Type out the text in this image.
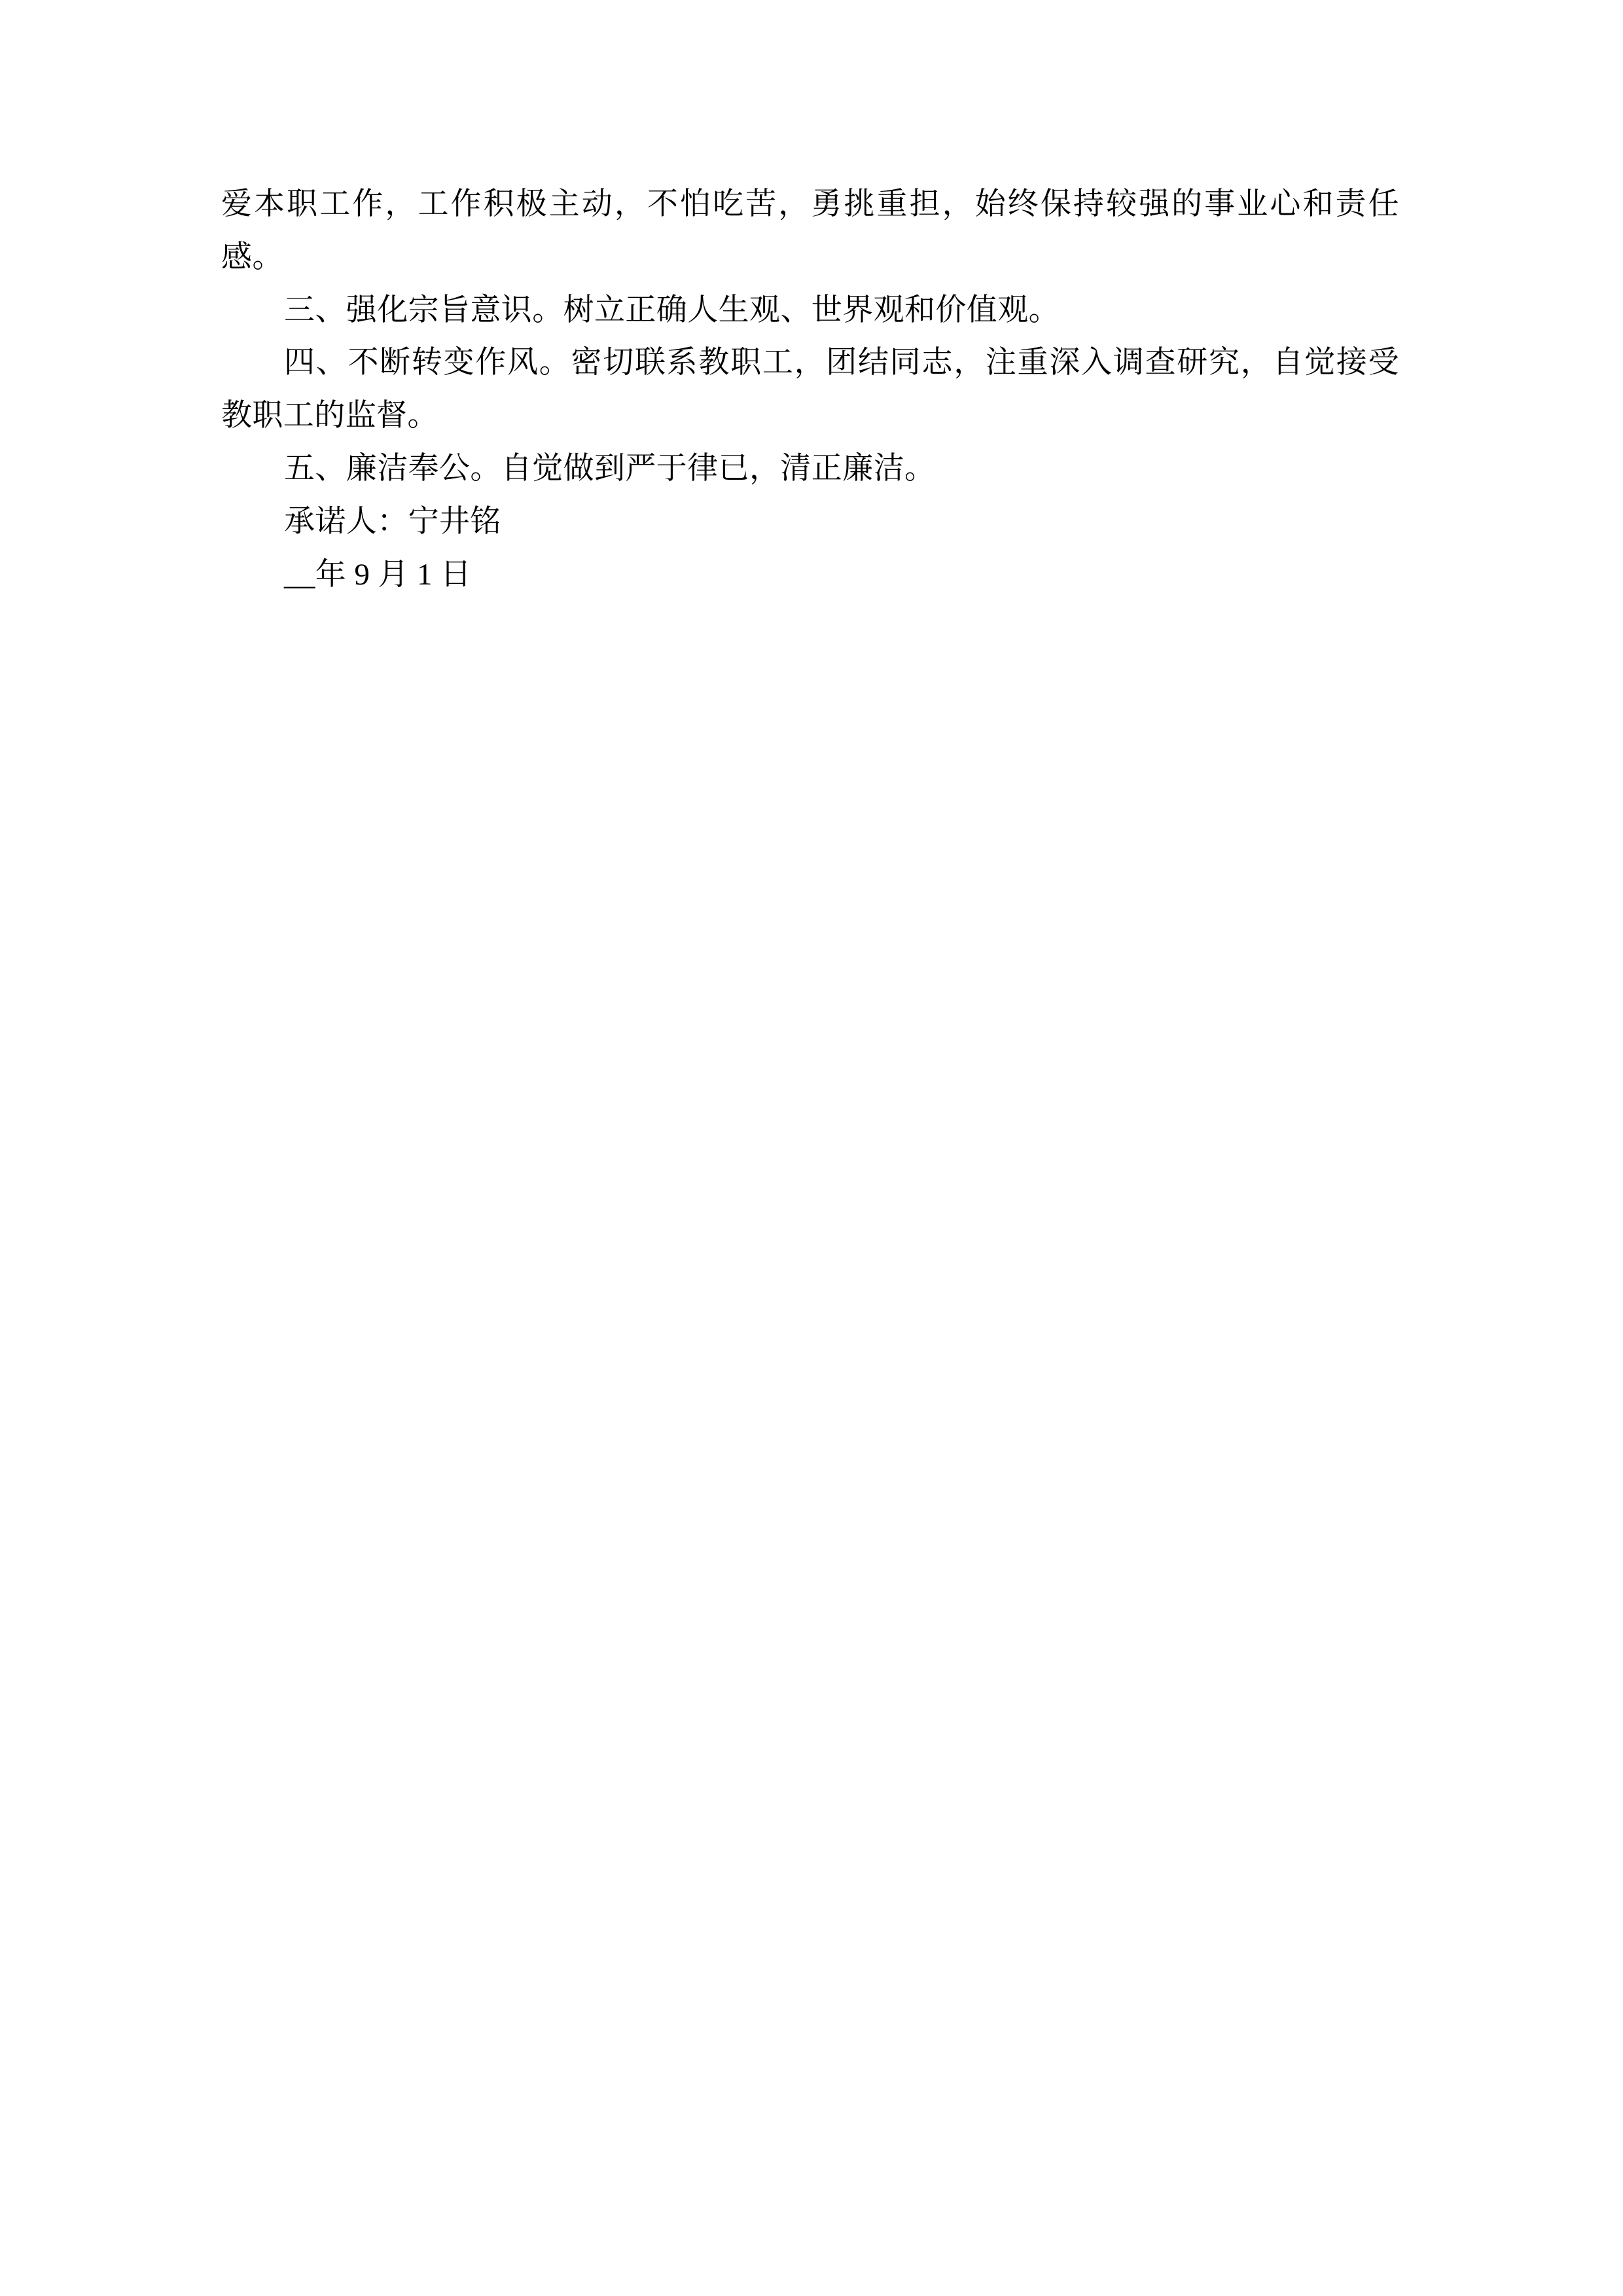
爱本职工作，工作积极主动，不怕吃苦，勇挑重担，始终保持较强的事业心和责任感。

三、强化宗旨意识。树立正确人生观、世界观和价值观。

四、不断转变作风。密切联系教职工，团结同志，注重深入调查研究，自觉接受教职工的监督。

五、廉洁奉公。自觉做到严于律已，清正廉洁。

承诺人：宁井铭

__年 9 月 1 日
